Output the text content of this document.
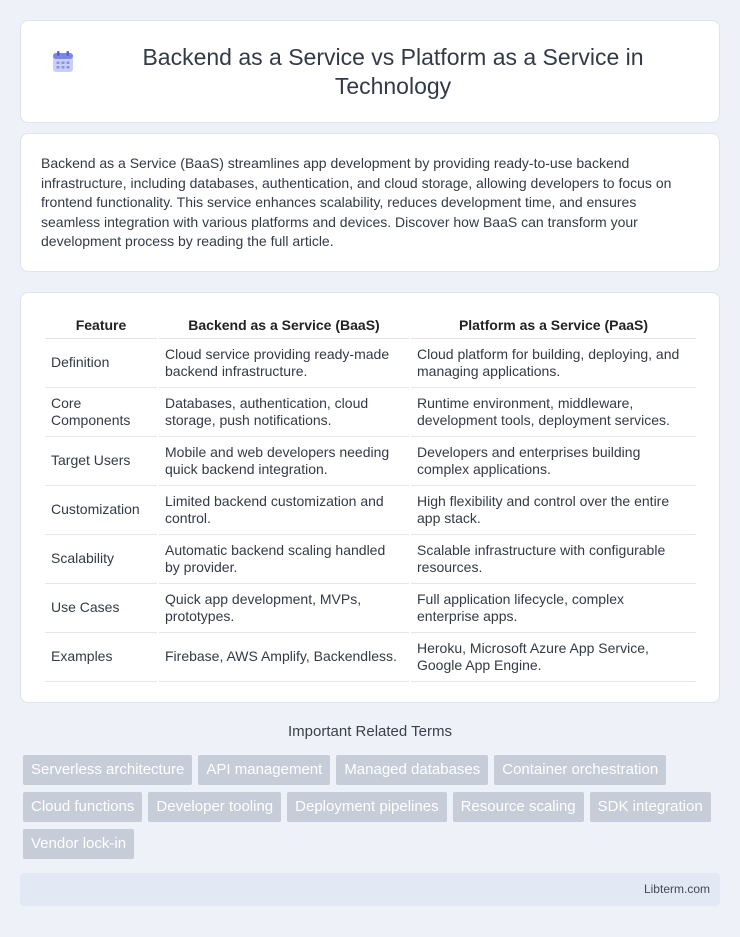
Backend as a Service vs Platform as a Service in Technology

Backend as a Service (BaaS) streamlines app development by providing ready-to-use backend infrastructure, including databases, authentication, and cloud storage, allowing developers to focus on frontend functionality. This service enhances scalability, reduces development time, and ensures seamless integration with various platforms and devices. Discover how BaaS can transform your development process by reading the full article.

Feature	Backend as a Service (BaaS)	Platform as a Service (PaaS)
Definition	Cloud service providing ready-made backend infrastructure.	Cloud platform for building, deploying, and managing applications.
Core Components	Databases, authentication, cloud storage, push notifications.	Runtime environment, middleware, development tools, deployment services.
Target Users	Mobile and web developers needing quick backend integration.	Developers and enterprises building complex applications.
Customization	Limited backend customization and control.	High flexibility and control over the entire app stack.
Scalability	Automatic backend scaling handled by provider.	Scalable infrastructure with configurable resources.
Use Cases	Quick app development, MVPs, prototypes.	Full application lifecycle, complex enterprise apps.
Examples	Firebase, AWS Amplify, Backendless.	Heroku, Microsoft Azure App Service, Google App Engine.
Important Related Terms
Serverless architecture	API management	Managed databases	Container orchestration
Cloud functions	Developer tooling	Deployment pipelines	Resource scaling	SDK integration
Vendor lock-in
Libterm.com
